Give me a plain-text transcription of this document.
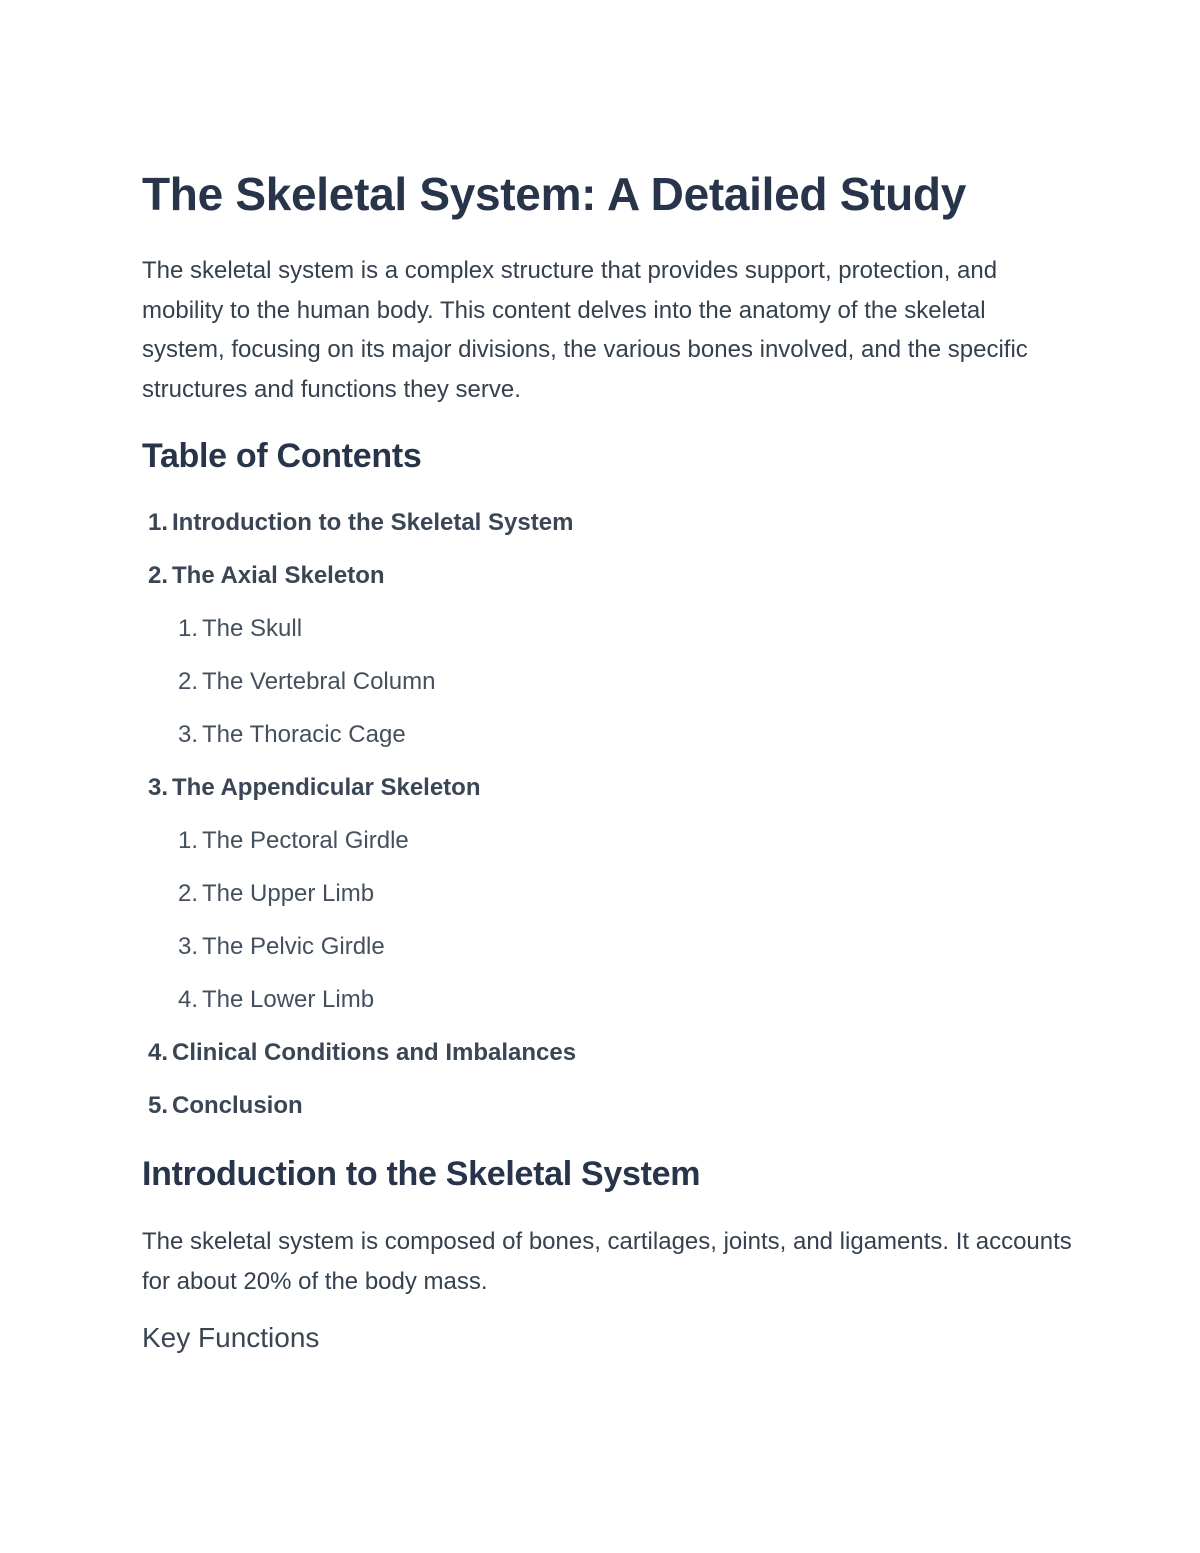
The Skeletal System: A Detailed Study

The skeletal system is a complex structure that provides support, protection, and mobility to the human body. This content delves into the anatomy of the skeletal system, focusing on its major divisions, the various bones involved, and the specific structures and functions they serve.

Table of Contents
1. Introduction to the Skeletal System
2. The Axial Skeleton
1. The Skull
2. The Vertebral Column
3. The Thoracic Cage
3. The Appendicular Skeleton
1. The Pectoral Girdle
2. The Upper Limb
3. The Pelvic Girdle
4. The Lower Limb
4. Clinical Conditions and Imbalances
5. Conclusion
Introduction to the Skeletal System

The skeletal system is composed of bones, cartilages, joints, and ligaments. It accounts for about 20% of the body mass.

Key Functions
